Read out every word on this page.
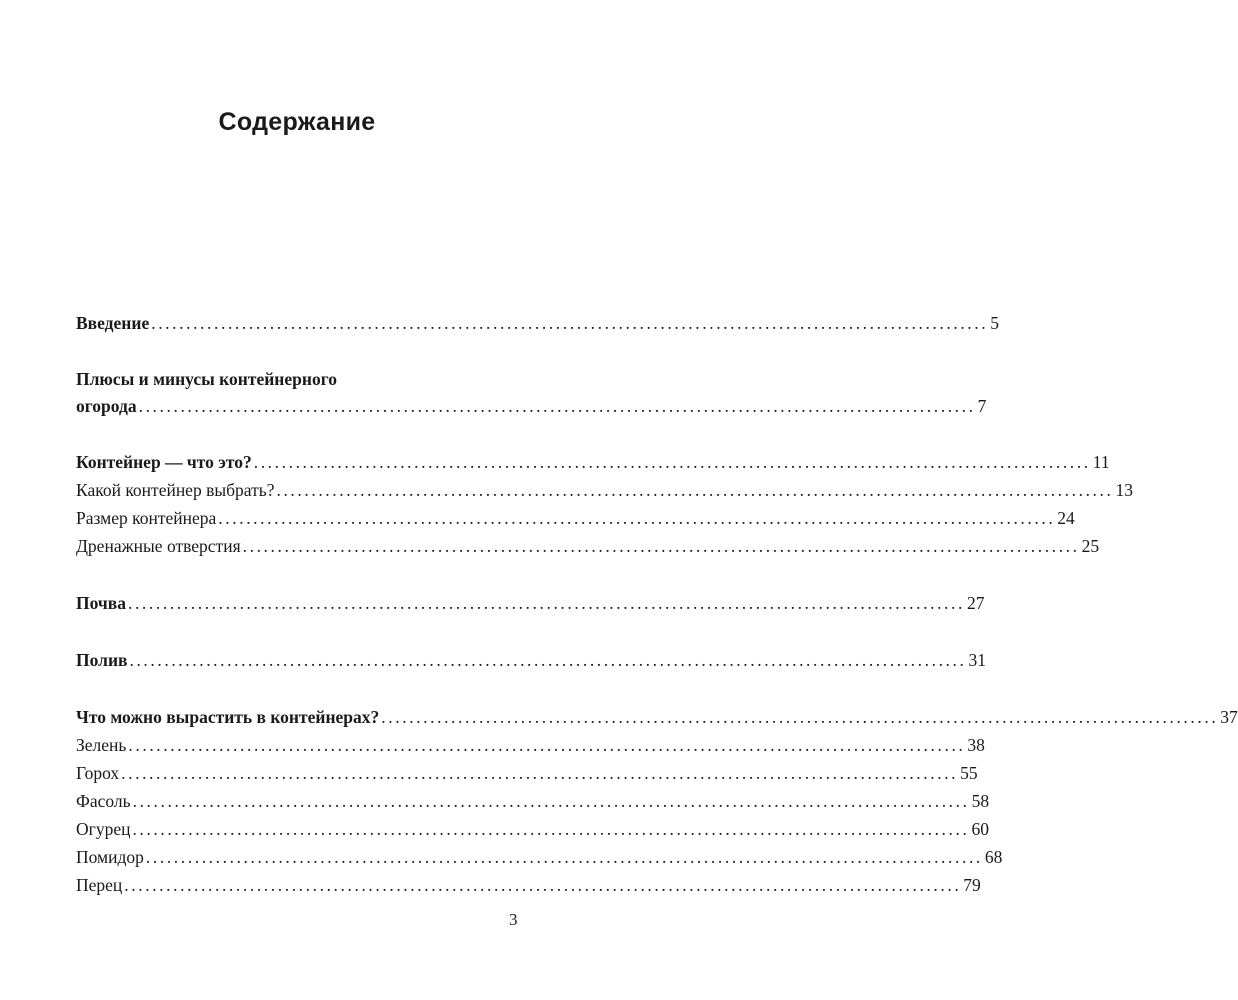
Содержание
Введение ........................................................................................................................ 5
Плюсы и минусы контейнерного
огорода ........................................................................................................................ 7
Контейнер — что это? ........................................................................................................................ 11
Какой контейнер выбрать? ........................................................................................................................ 13
Размер контейнера ........................................................................................................................ 24
Дренажные отверстия ........................................................................................................................ 25
Почва ........................................................................................................................ 27
Полив ........................................................................................................................ 31
Что можно вырастить в контейнерах? ........................................................................................................................ 37
Зелень ........................................................................................................................ 38
Горох ........................................................................................................................ 55
Фасоль ........................................................................................................................ 58
Огурец ........................................................................................................................ 60
Помидор ........................................................................................................................ 68
Перец ........................................................................................................................ 79
3
